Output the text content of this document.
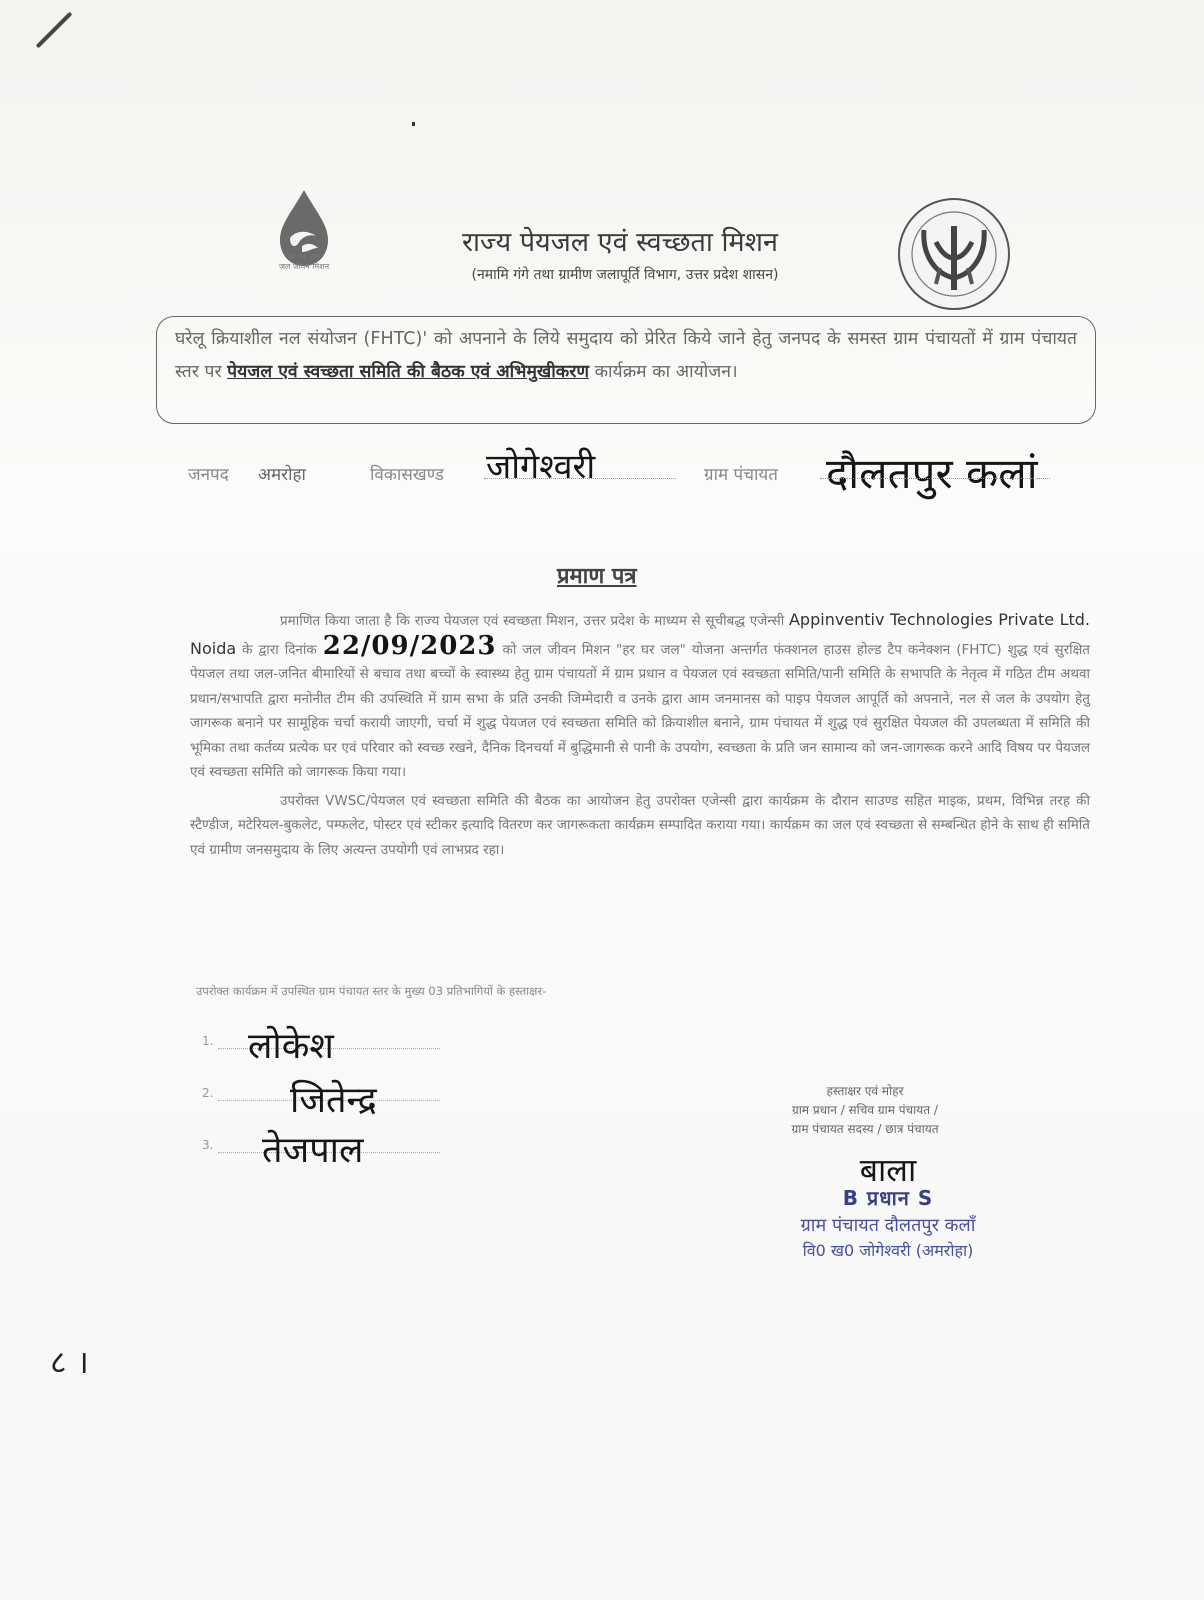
हर घर जल
जल जीवन मिशन
राज्य पेयजल एवं स्वच्छता मिशन
(नमामि गंगे तथा ग्रामीण जलापूर्ति विभाग, उत्तर प्रदेश शासन)
घरेलू क्रियाशील नल संयोजन (FHTC)' को अपनाने के लिये समुदाय को प्रेरित किये जाने हेतु जनपद के समस्त ग्राम पंचायतों में ग्राम पंचायत स्तर पर पेयजल एवं स्वच्छता समिति की बैठक एवं अभिमुखीकरण कार्यक्रम का आयोजन।
जनपद अमरोहा	विकासखण्ड जोगेश्वरी	ग्राम पंचायत दौलतपुर कलां
प्रमाण पत्र

प्रमाणित किया जाता है कि राज्य पेयजल एवं स्वच्छता मिशन, उत्तर प्रदेश के माध्यम से सूचीबद्ध एजेन्सी Appinventiv Technologies Private Ltd. Noida के द्वारा दिनांक 22/09/2023 को जल जीवन मिशन "हर घर जल" योजना अन्तर्गत फंक्शनल हाउस होल्ड टैप कनेक्शन (FHTC) शुद्ध एवं सुरक्षित पेयजल तथा जल-जनित बीमारियों से बचाव तथा बच्चों के स्वास्थ्य हेतु ग्राम पंचायतों में ग्राम प्रधान व पेयजल एवं स्वच्छता समिति/पानी समिति के सभापति के नेतृत्व में गठित टीम अथवा प्रधान/सभापति द्वारा मनोनीत टीम की उपस्थिति में ग्राम सभा के प्रति उनकी जिम्मेदारी व उनके द्वारा आम जनमानस को पाइप पेयजल आपूर्ति को अपनाने, नल से जल के उपयोग हेतु जागरूक बनाने पर सामूहिक चर्चा करायी जाएगी, चर्चा में शुद्ध पेयजल एवं स्वच्छता समिति को क्रियाशील बनाने, ग्राम पंचायत में शुद्ध एवं सुरक्षित पेयजल की उपलब्धता में समिति की भूमिका तथा कर्तव्य प्रत्येक घर एवं परिवार को स्वच्छ रखने, दैनिक दिनचर्या में बुद्धिमानी से पानी के उपयोग, स्वच्छता के प्रति जन सामान्य को जन-जागरूक करने आदि विषय पर पेयजल एवं स्वच्छता समिति को जागरूक किया गया।

उपरोक्त VWSC/पेयजल एवं स्वच्छता समिति की बैठक का आयोजन हेतु उपरोक्त एजेन्सी द्वारा कार्यक्रम के दौरान साउण्ड सहित माइक, प्रथम, विभिन्न तरह की स्टैण्डीज, मटेरियल-बुकलेट, पम्फलेट, पोस्टर एवं स्टीकर इत्यादि वितरण कर जागरूकता कार्यक्रम सम्पादित कराया गया। कार्यक्रम का जल एवं स्वच्छता से सम्बन्धित होने के साथ ही समिति एवं ग्रामीण जनसमुदाय के लिए अत्यन्त उपयोगी एवं लाभप्रद रहा।

उपरोक्त कार्यक्रम में उपस्थित ग्राम पंचायत स्तर के मुख्य 03 प्रतिभागियों के हस्ताक्षर-
1. लोकेश
2. जितेन्द्र
3. तेजपाल
हस्ताक्षर एवं मोहर
ग्राम प्रधान / सचिव ग्राम पंचायत /
ग्राम पंचायत सदस्य / छात्र पंचायत
बाला
B प्रधान S
ग्राम पंचायत दौलतपुर कलाँ
वि0 ख0 जोगेश्वरी (अमरोहा)
८ ।
